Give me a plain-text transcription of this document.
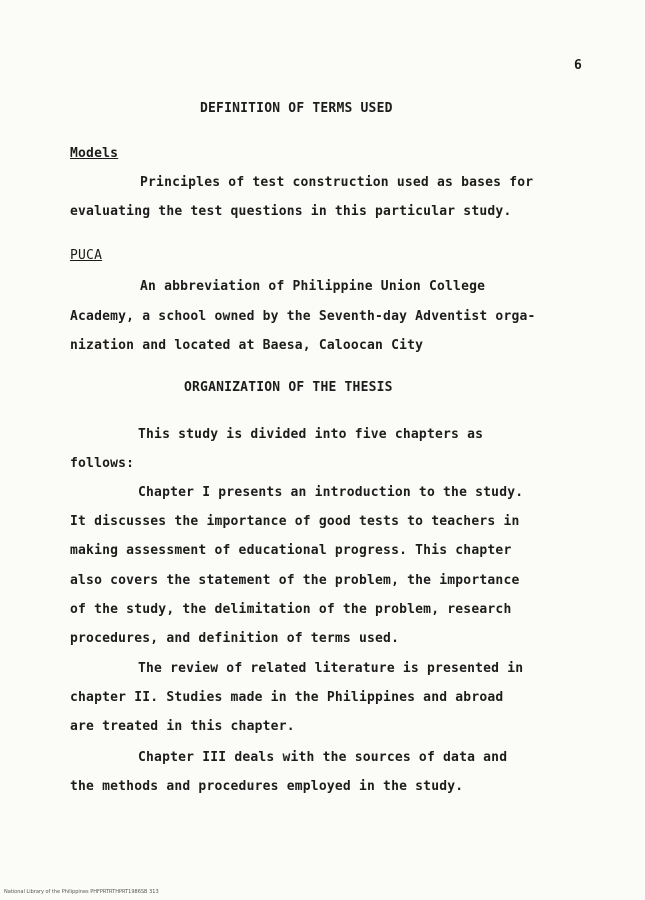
6
DEFINITION OF TERMS USED
Models
Principles of test construction used as bases for
evaluating the test questions in this particular study.
PUCA
An abbreviation of Philippine Union College
Academy, a school owned by the Seventh-day Adventist orga-
nization and located at Baesa, Caloocan City
ORGANIZATION OF THE THESIS
This study is divided into five chapters as
follows:
Chapter I presents an introduction to the study.
It discusses the importance of good tests to teachers in
making assessment of educational progress. This chapter
also covers the statement of the problem, the importance
of the study, the delimitation of the problem, research
procedures, and definition of terms used.
The review of related literature is presented in
chapter II. Studies made in the Philippines and abroad
are treated in this chapter.
Chapter III deals with the sources of data and
the methods and procedures employed in the study.
National Library of the Philippines PHFPRTRTHPRT1986SB 313
